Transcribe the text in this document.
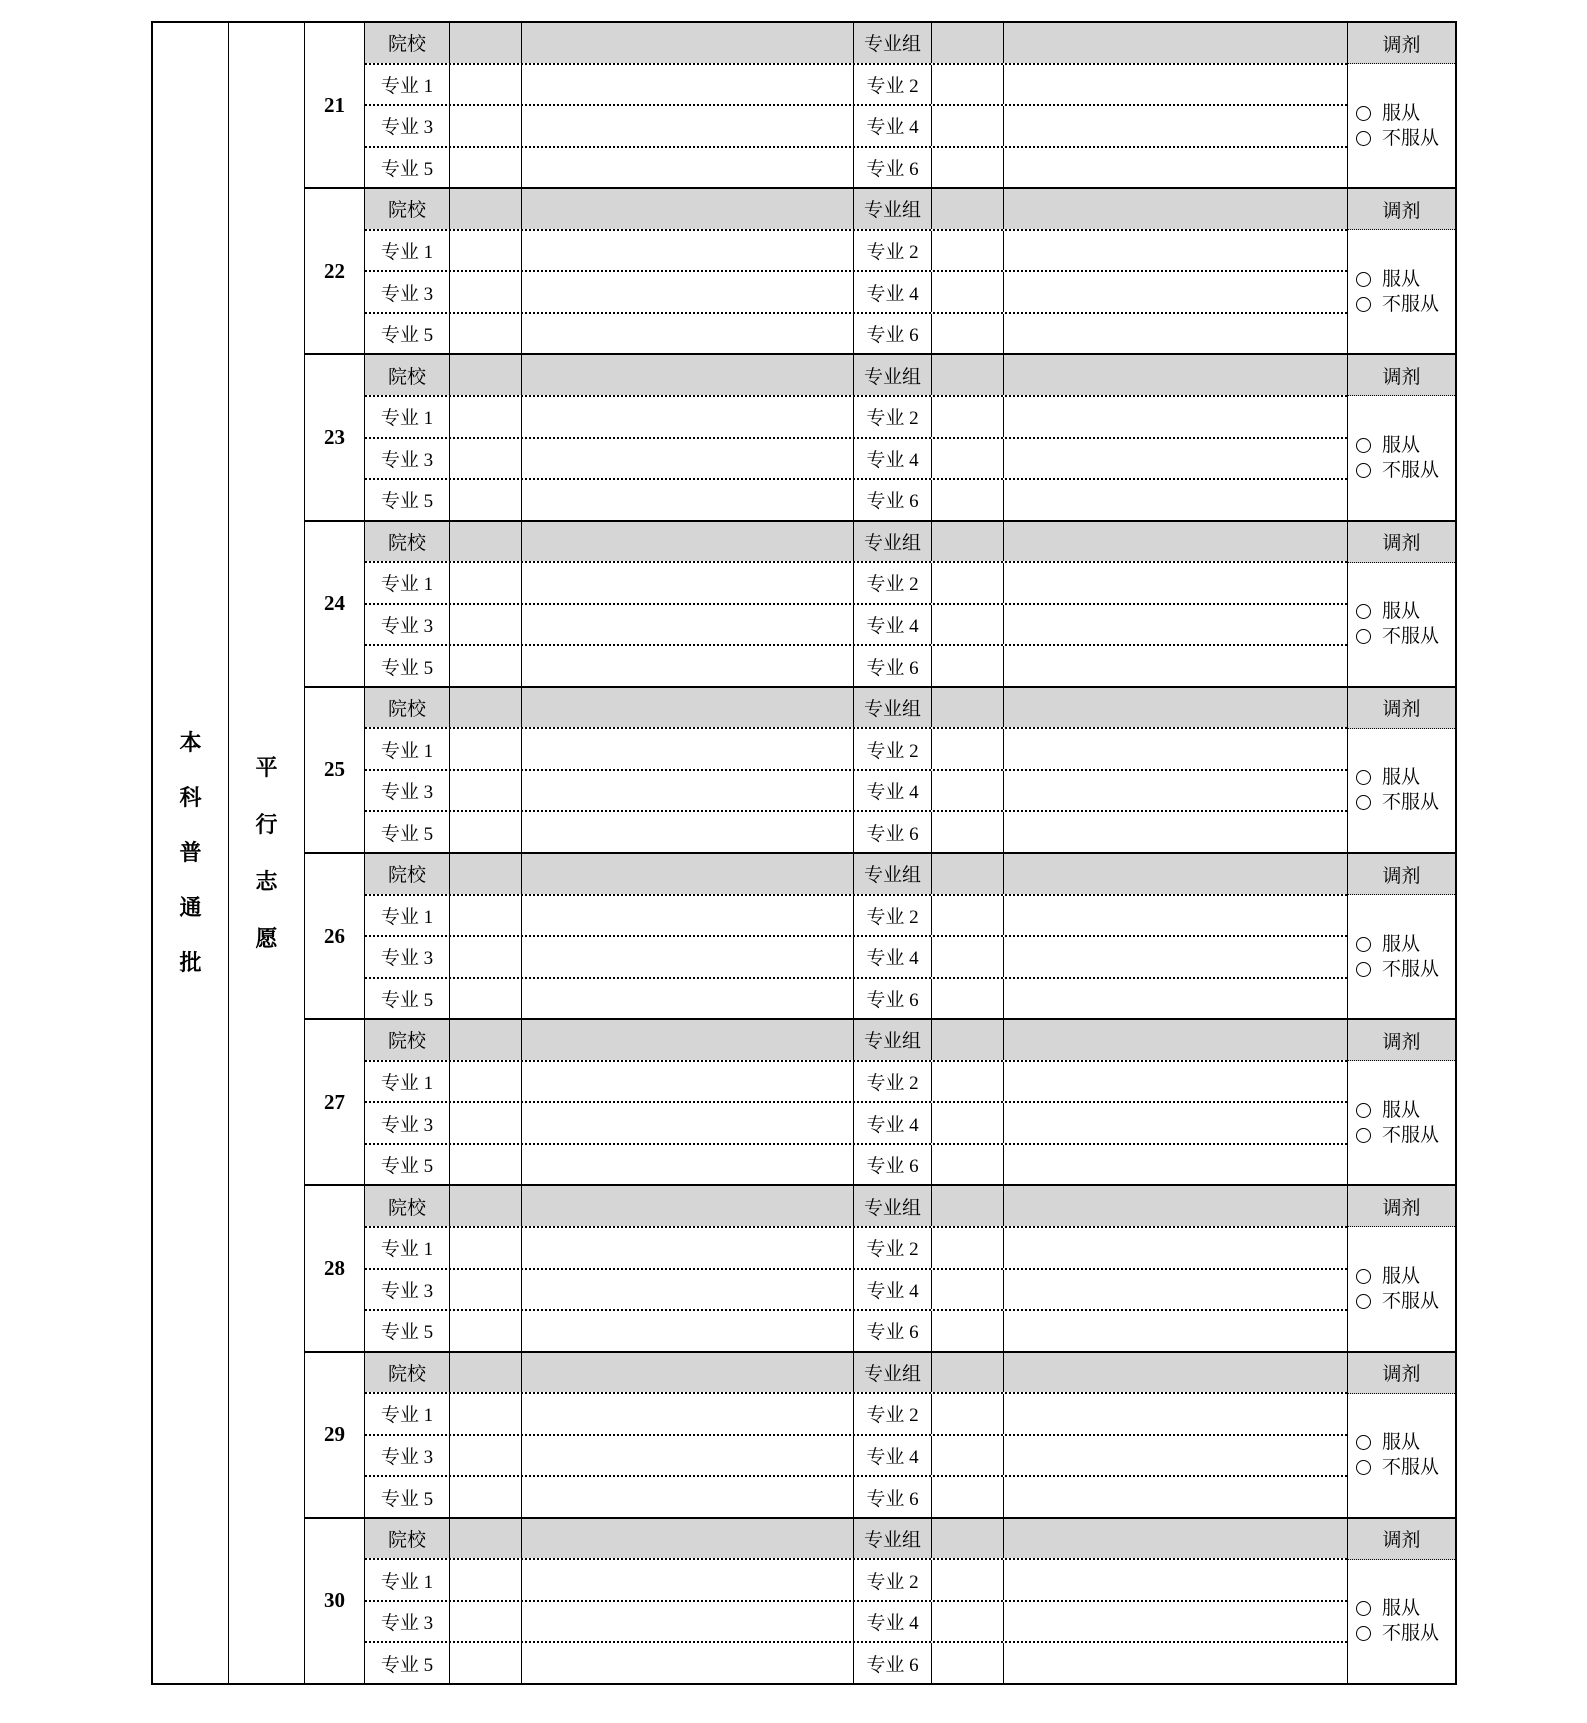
本
科
普
通
批
平
行
志
愿
21
院校	专业组
专业 1	专业 2
专业 3	专业 4
专业 5	专业 6
调剂
服从
不服从
22
院校	专业组
专业 1	专业 2
专业 3	专业 4
专业 5	专业 6
调剂
服从
不服从
23
院校	专业组
专业 1	专业 2
专业 3	专业 4
专业 5	专业 6
调剂
服从
不服从
24
院校	专业组
专业 1	专业 2
专业 3	专业 4
专业 5	专业 6
调剂
服从
不服从
25
院校	专业组
专业 1	专业 2
专业 3	专业 4
专业 5	专业 6
调剂
服从
不服从
26
院校	专业组
专业 1	专业 2
专业 3	专业 4
专业 5	专业 6
调剂
服从
不服从
27
院校	专业组
专业 1	专业 2
专业 3	专业 4
专业 5	专业 6
调剂
服从
不服从
28
院校	专业组
专业 1	专业 2
专业 3	专业 4
专业 5	专业 6
调剂
服从
不服从
29
院校	专业组
专业 1	专业 2
专业 3	专业 4
专业 5	专业 6
调剂
服从
不服从
30
院校	专业组
专业 1	专业 2
专业 3	专业 4
专业 5	专业 6
调剂
服从
不服从
